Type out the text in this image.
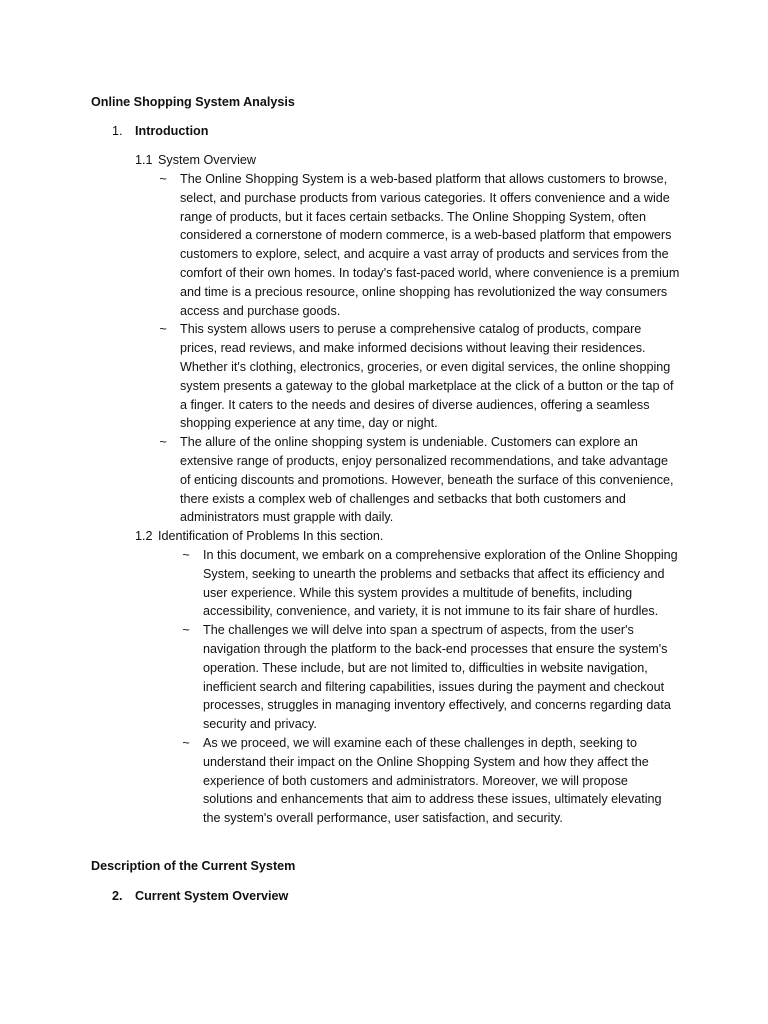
Online Shopping System Analysis
1. Introduction
1.1 System Overview
~ The Online Shopping System is a web-based platform that allows customers to browse, select, and purchase products from various categories. It offers convenience and a wide range of products, but it faces certain setbacks. The Online Shopping System, often considered a cornerstone of modern commerce, is a web-based platform that empowers customers to explore, select, and acquire a vast array of products and services from the comfort of their own homes. In today's fast-paced world, where convenience is a premium and time is a precious resource, online shopping has revolutionized the way consumers access and purchase goods.
~ This system allows users to peruse a comprehensive catalog of products, compare prices, read reviews, and make informed decisions without leaving their residences. Whether it's clothing, electronics, groceries, or even digital services, the online shopping system presents a gateway to the global marketplace at the click of a button or the tap of a finger. It caters to the needs and desires of diverse audiences, offering a seamless shopping experience at any time, day or night.
~ The allure of the online shopping system is undeniable. Customers can explore an extensive range of products, enjoy personalized recommendations, and take advantage of enticing discounts and promotions. However, beneath the surface of this convenience, there exists a complex web of challenges and setbacks that both customers and administrators must grapple with daily.
1.2 Identification of Problems In this section.
~ In this document, we embark on a comprehensive exploration of the Online Shopping System, seeking to unearth the problems and setbacks that affect its efficiency and user experience. While this system provides a multitude of benefits, including accessibility, convenience, and variety, it is not immune to its fair share of hurdles.
~ The challenges we will delve into span a spectrum of aspects, from the user's navigation through the platform to the back-end processes that ensure the system's operation. These include, but are not limited to, difficulties in website navigation, inefficient search and filtering capabilities, issues during the payment and checkout processes, struggles in managing inventory effectively, and concerns regarding data security and privacy.
~ As we proceed, we will examine each of these challenges in depth, seeking to understand their impact on the Online Shopping System and how they affect the experience of both customers and administrators. Moreover, we will propose solutions and enhancements that aim to address these issues, ultimately elevating the system's overall performance, user satisfaction, and security.
Description of the Current System
2. Current System Overview
